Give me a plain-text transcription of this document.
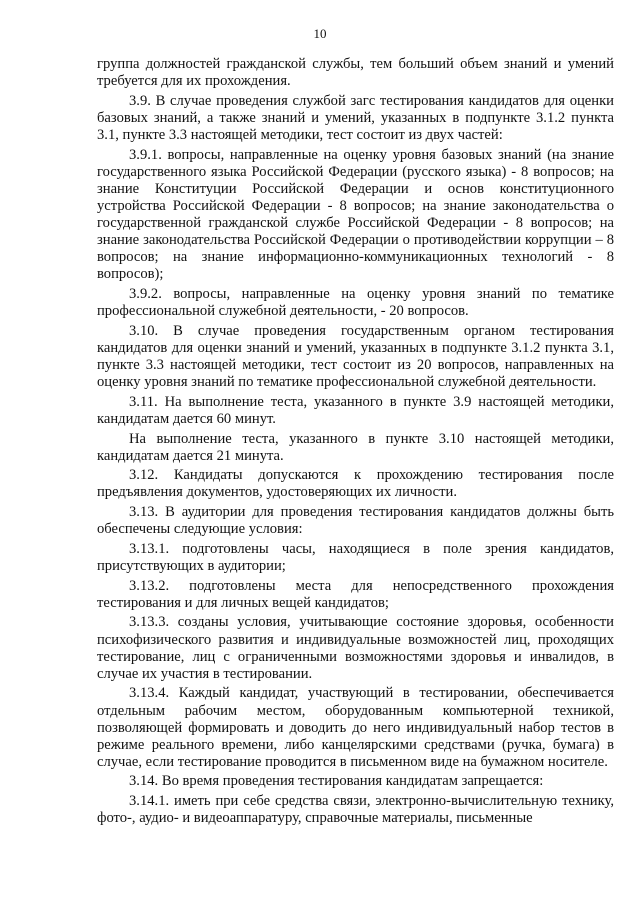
10

группа должностей гражданской службы, тем больший объем знаний и умений требуется для их прохождения.

3.9. В случае проведения службой загс тестирования кандидатов для оценки базовых знаний, а также знаний и умений, указанных в подпункте 3.1.2 пункта 3.1, пункте 3.3 настоящей методики, тест состоит из двух частей:

3.9.1. вопросы, направленные на оценку уровня базовых знаний (на знание государственного языка Российской Федерации (русского языка) - 8 вопросов; на знание Конституции Российской Федерации и основ конституционного устройства Российской Федерации - 8 вопросов; на знание законодательства о государственной гражданской службе Российской Федерации - 8 вопросов; на знание законодательства Российской Федерации о противодействии коррупции – 8 вопросов; на знание информационно-коммуникационных технологий - 8 вопросов);

3.9.2. вопросы, направленные на оценку уровня знаний по тематике профессиональной служебной деятельности, - 20 вопросов.

3.10. В случае проведения государственным органом тестирования кандидатов для оценки знаний и умений, указанных в подпункте 3.1.2 пункта 3.1, пункте 3.3 настоящей методики, тест состоит из 20 вопросов, направленных на оценку уровня знаний по тематике профессиональной служебной деятельности.

3.11. На выполнение теста, указанного в пункте 3.9 настоящей методики, кандидатам дается 60 минут.

На выполнение теста, указанного в пункте 3.10 настоящей методики, кандидатам дается 21 минута.

3.12. Кандидаты допускаются к прохождению тестирования после предъявления документов, удостоверяющих их личности.

3.13. В аудитории для проведения тестирования кандидатов должны быть обеспечены следующие условия:

3.13.1. подготовлены часы, находящиеся в поле зрения кандидатов, присутствующих в аудитории;

3.13.2. подготовлены места для непосредственного прохождения тестирования и для личных вещей кандидатов;

3.13.3. созданы условия, учитывающие состояние здоровья, особенности психофизического развития и индивидуальные возможностей лиц, проходящих тестирование, лиц с ограниченными возможностями здоровья и инвалидов, в случае их участия в тестировании.

3.13.4. Каждый кандидат, участвующий в тестировании, обеспечивается отдельным рабочим местом, оборудованным компьютерной техникой, позволяющей формировать и доводить до него индивидуальный набор тестов в режиме реального времени, либо канцелярскими средствами (ручка, бумага) в случае, если тестирование проводится в письменном виде на бумажном носителе.

3.14. Во время проведения тестирования кандидатам запрещается:

3.14.1. иметь при себе средства связи, электронно-вычислительную технику, фото-, аудио- и видеоаппаратуру, справочные материалы, письменные
